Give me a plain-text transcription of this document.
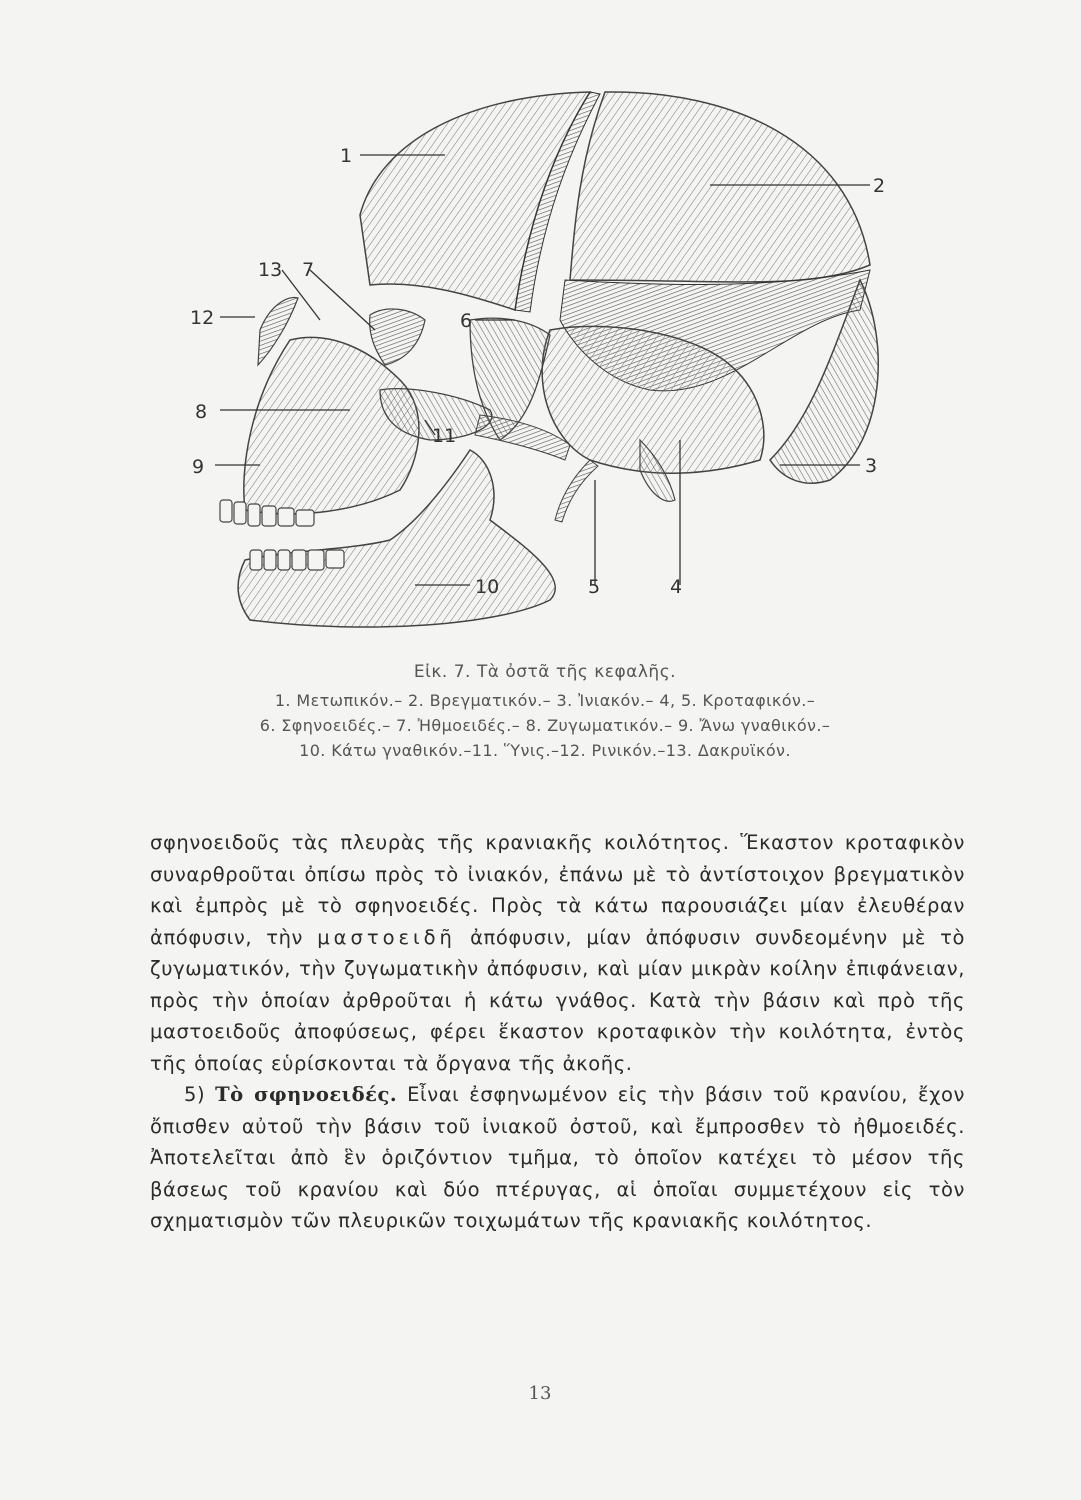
1
2
3
4
5
6
7
8
9
10
11
12
13
Εἰκ. 7. Τὰ ὀστᾶ τῆς κεφαλῆς.
1. Μετωπικόν.– 2. Βρεγματικόν.– 3. Ἰνιακόν.– 4, 5. Κροταφικόν.–
6. Σφηνοειδές.– 7. Ἠθμοειδές.– 8. Ζυγωματικόν.– 9. Ἄνω γναθικόν.–
10. Κάτω γναθικόν.–11. Ὕνις.–12. Ρινικόν.–13. Δακρυϊκόν.

σφηνοειδοῦς τὰς πλευρὰς τῆς κρανιακῆς κοιλότητος. Ἕκαστον κροταφικὸν συναρθροῦται ὀπίσω πρὸς τὸ ἰνιακόν, ἐπάνω μὲ τὸ ἀντίστοιχον βρεγματικὸν καὶ ἐμπρὸς μὲ τὸ σφηνοειδές. Πρὸς τὰ κάτω παρουσιάζει μίαν ἐλευθέραν ἀπόφυσιν, τὴν μαστοειδῆ ἀπόφυσιν, μίαν ἀπόφυσιν συνδεομένην μὲ τὸ ζυγωματικόν, τὴν ζυγωματικὴν ἀπόφυσιν, καὶ μίαν μικρὰν κοίλην ἐπιφάνειαν, πρὸς τὴν ὁποίαν ἀρθροῦται ἡ κάτω γνάθος. Κατὰ τὴν βάσιν καὶ πρὸ τῆς μαστοειδοῦς ἀποφύσεως, φέρει ἕκαστον κροταφικὸν τὴν κοιλότητα, ἐντὸς τῆς ὁποίας εὑρίσκονται τὰ ὄργανα τῆς ἀκοῆς.

5) Τὸ σφηνοειδές. Εἶναι ἐσφηνωμένον εἰς τὴν βάσιν τοῦ κρανίου, ἔχον ὄπισθεν αὐτοῦ τὴν βάσιν τοῦ ἰνιακοῦ ὀστοῦ, καὶ ἔμπροσθεν τὸ ἠθμοειδές. Ἀποτελεῖται ἀπὸ ἓν ὁριζόντιον τμῆμα, τὸ ὁποῖον κατέχει τὸ μέσον τῆς βάσεως τοῦ κρανίου καὶ δύο πτέρυγας, αἱ ὁποῖαι συμμετέχουν εἰς τὸν σχηματισμὸν τῶν πλευρικῶν τοιχωμάτων τῆς κρανιακῆς κοιλότητος.

13
